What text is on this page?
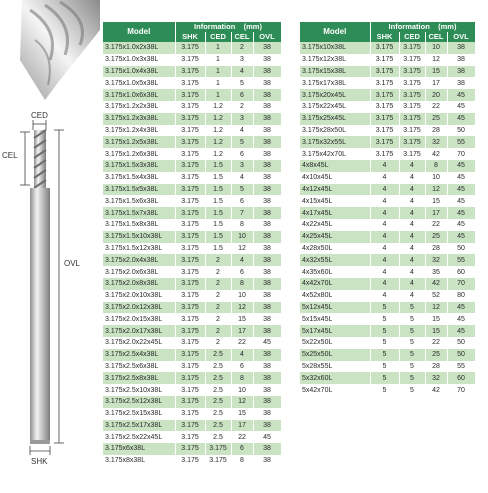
CED
CEL
OVL
SHK
Model	Information (mm)			
	SHK	CED	CEL	OVL
3.175x1.0x2x38L	3.175	1	2	38
3.175x1.0x3x38L	3.175	1	3	38
3.175x1.0x4x38L	3.175	1	4	38
3.175x1.0x5x38L	3.175	1	5	38
3.175x1.0x6x38L	3.175	1	6	38
3.175x1.2x2x38L	3.175	1.2	2	38
3.175x1.2x3x38L	3.175	1.2	3	38
3.175x1.2x4x38L	3.175	1.2	4	38
3.175x1.2x5x38L	3.175	1.2	5	38
3.175x1.2x6x38L	3.175	1.2	6	38
3.175x1.5x3x38L	3.175	1.5	3	38
3.175x1.5x4x38L	3.175	1.5	4	38
3.175x1.5x5x38L	3.175	1.5	5	38
3.175x1.5x6x38L	3.175	1.5	6	38
3.175x1.5x7x38L	3.175	1.5	7	38
3.175x1.5x8x38L	3.175	1.5	8	38
3.175x1.5x10x38L	3.175	1.5	10	38
3.175x1.5x12x38L	3.175	1.5	12	38
3.175x2.0x4x38L	3.175	2	4	38
3.175x2.0x6x38L	3.175	2	6	38
3.175x2.0x8x38L	3.175	2	8	38
3.175x2.0x10x38L	3.175	2	10	38
3.175x2.0x12x38L	3.175	2	12	38
3.175x2.0x15x38L	3.175	2	15	38
3.175x2.0x17x38L	3.175	2	17	38
3.175x2.0x22x45L	3.175	2	22	45
3.175x2.5x4x38L	3.175	2.5	4	38
3.175x2.5x6x38L	3.175	2.5	6	38
3.175x2.5x8x38L	3.175	2.5	8	38
3.175x2.5x10x38L	3.175	2.5	10	38
3.175x2.5x12x38L	3.175	2.5	12	38
3.175x2.5x15x38L	3.175	2.5	15	38
3.175x2.5x17x38L	3.175	2.5	17	38
3.175x2.5x22x45L	3.175	2.5	22	45
3.175x6x38L	3.175	3.175	6	38
3.175x8x38L	3.175	3.175	8	38
Model	Information (mm)			
	SHK	CED	CEL	OVL
3.175x10x38L	3.175	3.175	10	38
3.175x12x38L	3.175	3.175	12	38
3.175x15x38L	3.175	3.175	15	38
3.175x17x38L	3.175	3.175	17	38
3.175x20x45L	3.175	3.175	20	45
3.175x22x45L	3.175	3.175	22	45
3.175x25x45L	3.175	3.175	25	45
3.175x28x50L	3.175	3.175	28	50
3.175x32x55L	3.175	3.175	32	55
3.175x42x70L	3.175	3.175	42	70
4x8x45L	4	4	8	45
4x10x45L	4	4	10	45
4x12x45L	4	4	12	45
4x15x45L	4	4	15	45
4x17x45L	4	4	17	45
4x22x45L	4	4	22	45
4x25x45L	4	4	25	45
4x28x50L	4	4	28	50
4x32x55L	4	4	32	55
4x35x60L	4	4	35	60
4x42x70L	4	4	42	70
4x52x80L	4	4	52	80
5x12x45L	5	5	12	45
5x15x45L	5	5	15	45
5x17x45L	5	5	15	45
5x22x50L	5	5	22	50
5x25x50L	5	5	25	50
5x28x55L	5	5	28	55
5x32x60L	5	5	32	60
5x42x70L	5	5	42	70
